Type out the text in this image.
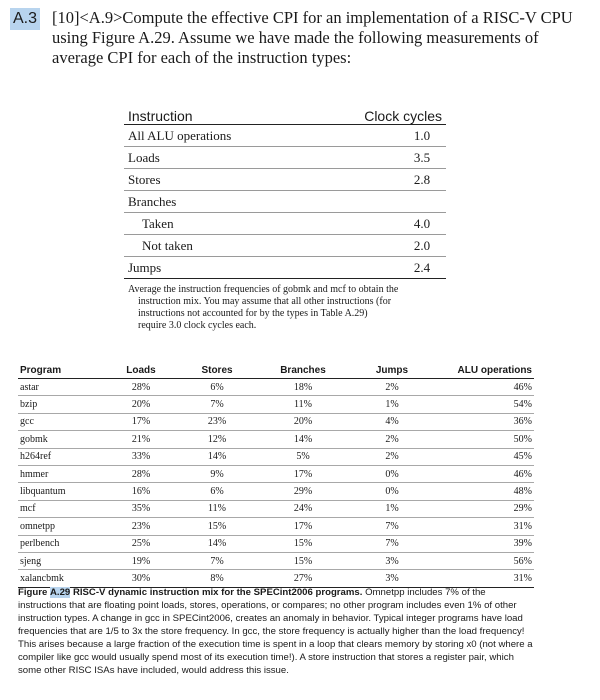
A.3 [10]<A.9>Compute the effective CPI for an implementation of a RISC-V CPU using Figure A.29. Assume we have made the following measurements of average CPI for each of the instruction types:
Instruction	Clock cycles
All ALU operations	1.0
Loads	3.5
Stores	2.8
Branches
Taken	4.0
Not taken	2.0
Jumps	2.4
Average the instruction frequencies of gobmk and mcf to obtain the
instruction mix. You may assume that all other instructions (for
instructions not accounted for by the types in Table A.29)
require 3.0 clock cycles each.
Program	Loads	Stores	Branches	Jumps	ALU operations
astar	28%	6%	18%	2%	46%
bzip	20%	7%	11%	1%	54%
gcc	17%	23%	20%	4%	36%
gobmk	21%	12%	14%	2%	50%
h264ref	33%	14%	5%	2%	45%
hmmer	28%	9%	17%	0%	46%
libquantum	16%	6%	29%	0%	48%
mcf	35%	11%	24%	1%	29%
omnetpp	23%	15%	17%	7%	31%
perlbench	25%	14%	15%	7%	39%
sjeng	19%	7%	15%	3%	56%
xalancbmk	30%	8%	27%	3%	31%
Figure A.29 RISC-V dynamic instruction mix for the SPECint2006 programs. Omnetpp includes 7% of the instructions that are floating point loads, stores, operations, or compares; no other program includes even 1% of other instruction types. A change in gcc in SPECint2006, creates an anomaly in behavior. Typical integer programs have load frequencies that are 1/5 to 3x the store frequency. In gcc, the store frequency is actually higher than the load frequency! This arises because a large fraction of the execution time is spent in a loop that clears memory by storing x0 (not where a compiler like gcc would usually spend most of its execution time!). A store instruction that stores a register pair, which some other RISC ISAs have included, would address this issue.
